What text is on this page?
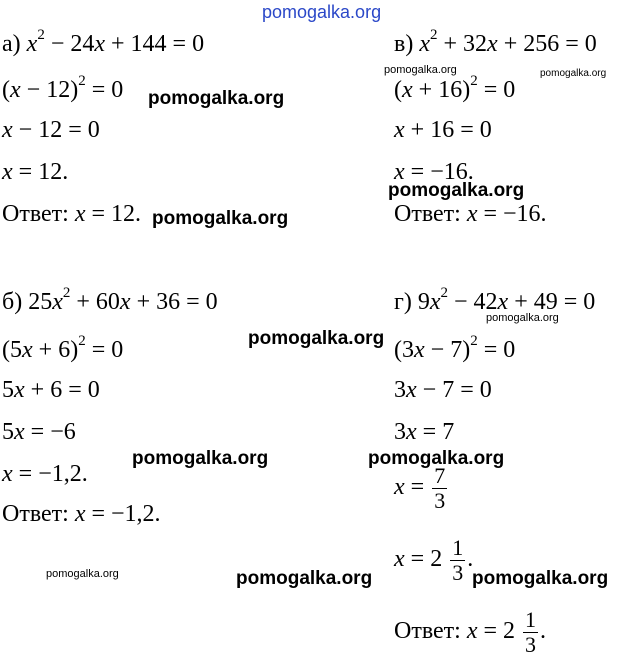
pomogalka.org
а) $x^2 - 24x + 144 = 0$
$(x - 12)^2 = 0$
x − 12 = 0
x = 12.
Ответ: x = 12.
в) $x^2 + 32x + 256 = 0$
$(x + 16)^2 = 0$
x + 16 = 0
x = −16.
Ответ: x = −16.
б) $25x^2 + 60x + 36 = 0$
$(5x + 6)^2 = 0$
5x + 6 = 0
5x = −6
x = −1,2.
Ответ: x = −1,2.
г) $9x^2 - 42x + 49 = 0$
$(3x - 7)^2 = 0$
3x − 7 = 0
3x = 7
$x = \frac{7}{3}$
$x = 2 \frac{1}{3}$ .
Ответ: $x = 2 \frac{1}{3}$ .
pomogalka.org
pomogalka.org
pomogalka.org	pomogalka.org
pomogalka.org
pomogalka.org
pomogalka.org
pomogalka.org	pomogalka.org
pomogalka.org	pomogalka.org	pomogalka.org
